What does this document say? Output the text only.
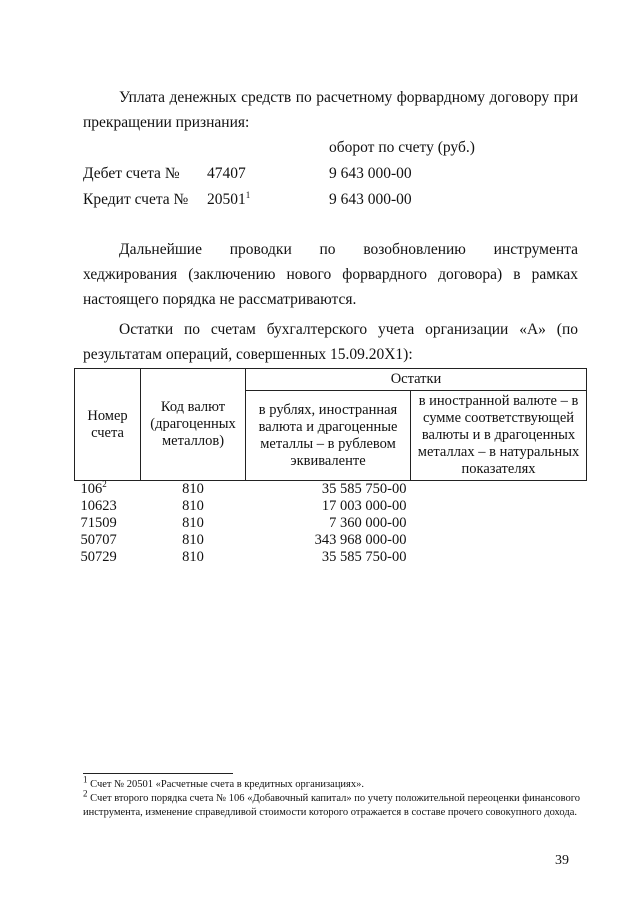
Уплата денежных средств по расчетному форвардному договору при прекращении признания:
оборот по счету (руб.)
Дебет счета № 47407	9 643 000-00
Кредит счета № 20501$^1$	9 643 000-00
Дальнейшие проводки по возобновлению инструмента хеджирования (заключению нового форвардного договора) в рамках настоящего порядка не рассматриваются.
Остатки по счетам бухгалтерского учета организации «А» (по результатам операций, совершенных 15.09.20Х1):
Номер счета	Код валют (драгоценных металлов)	Остатки	
		в рублях, иностранная валюта и драгоценные металлы – в рублевом эквиваленте	в иностранной валюте – в сумме соответствующей валюты и в драгоценных металлах – в натуральных показателях
$106^2$	810	35 585 750-00	
10623	810	17 003 000-00	
71509	810	7 360 000-00	
50707	810	343 968 000-00	
50729	810	35 585 750-00	
$^1$ Счет № 20501 «Расчетные счета в кредитных организациях».
$^2$ Счет второго порядка счета № 106 «Добавочный капитал» по учету положительной переоценки финансового инструмента, изменение справедливой стоимости которого отражается в составе прочего совокупного дохода.
39
